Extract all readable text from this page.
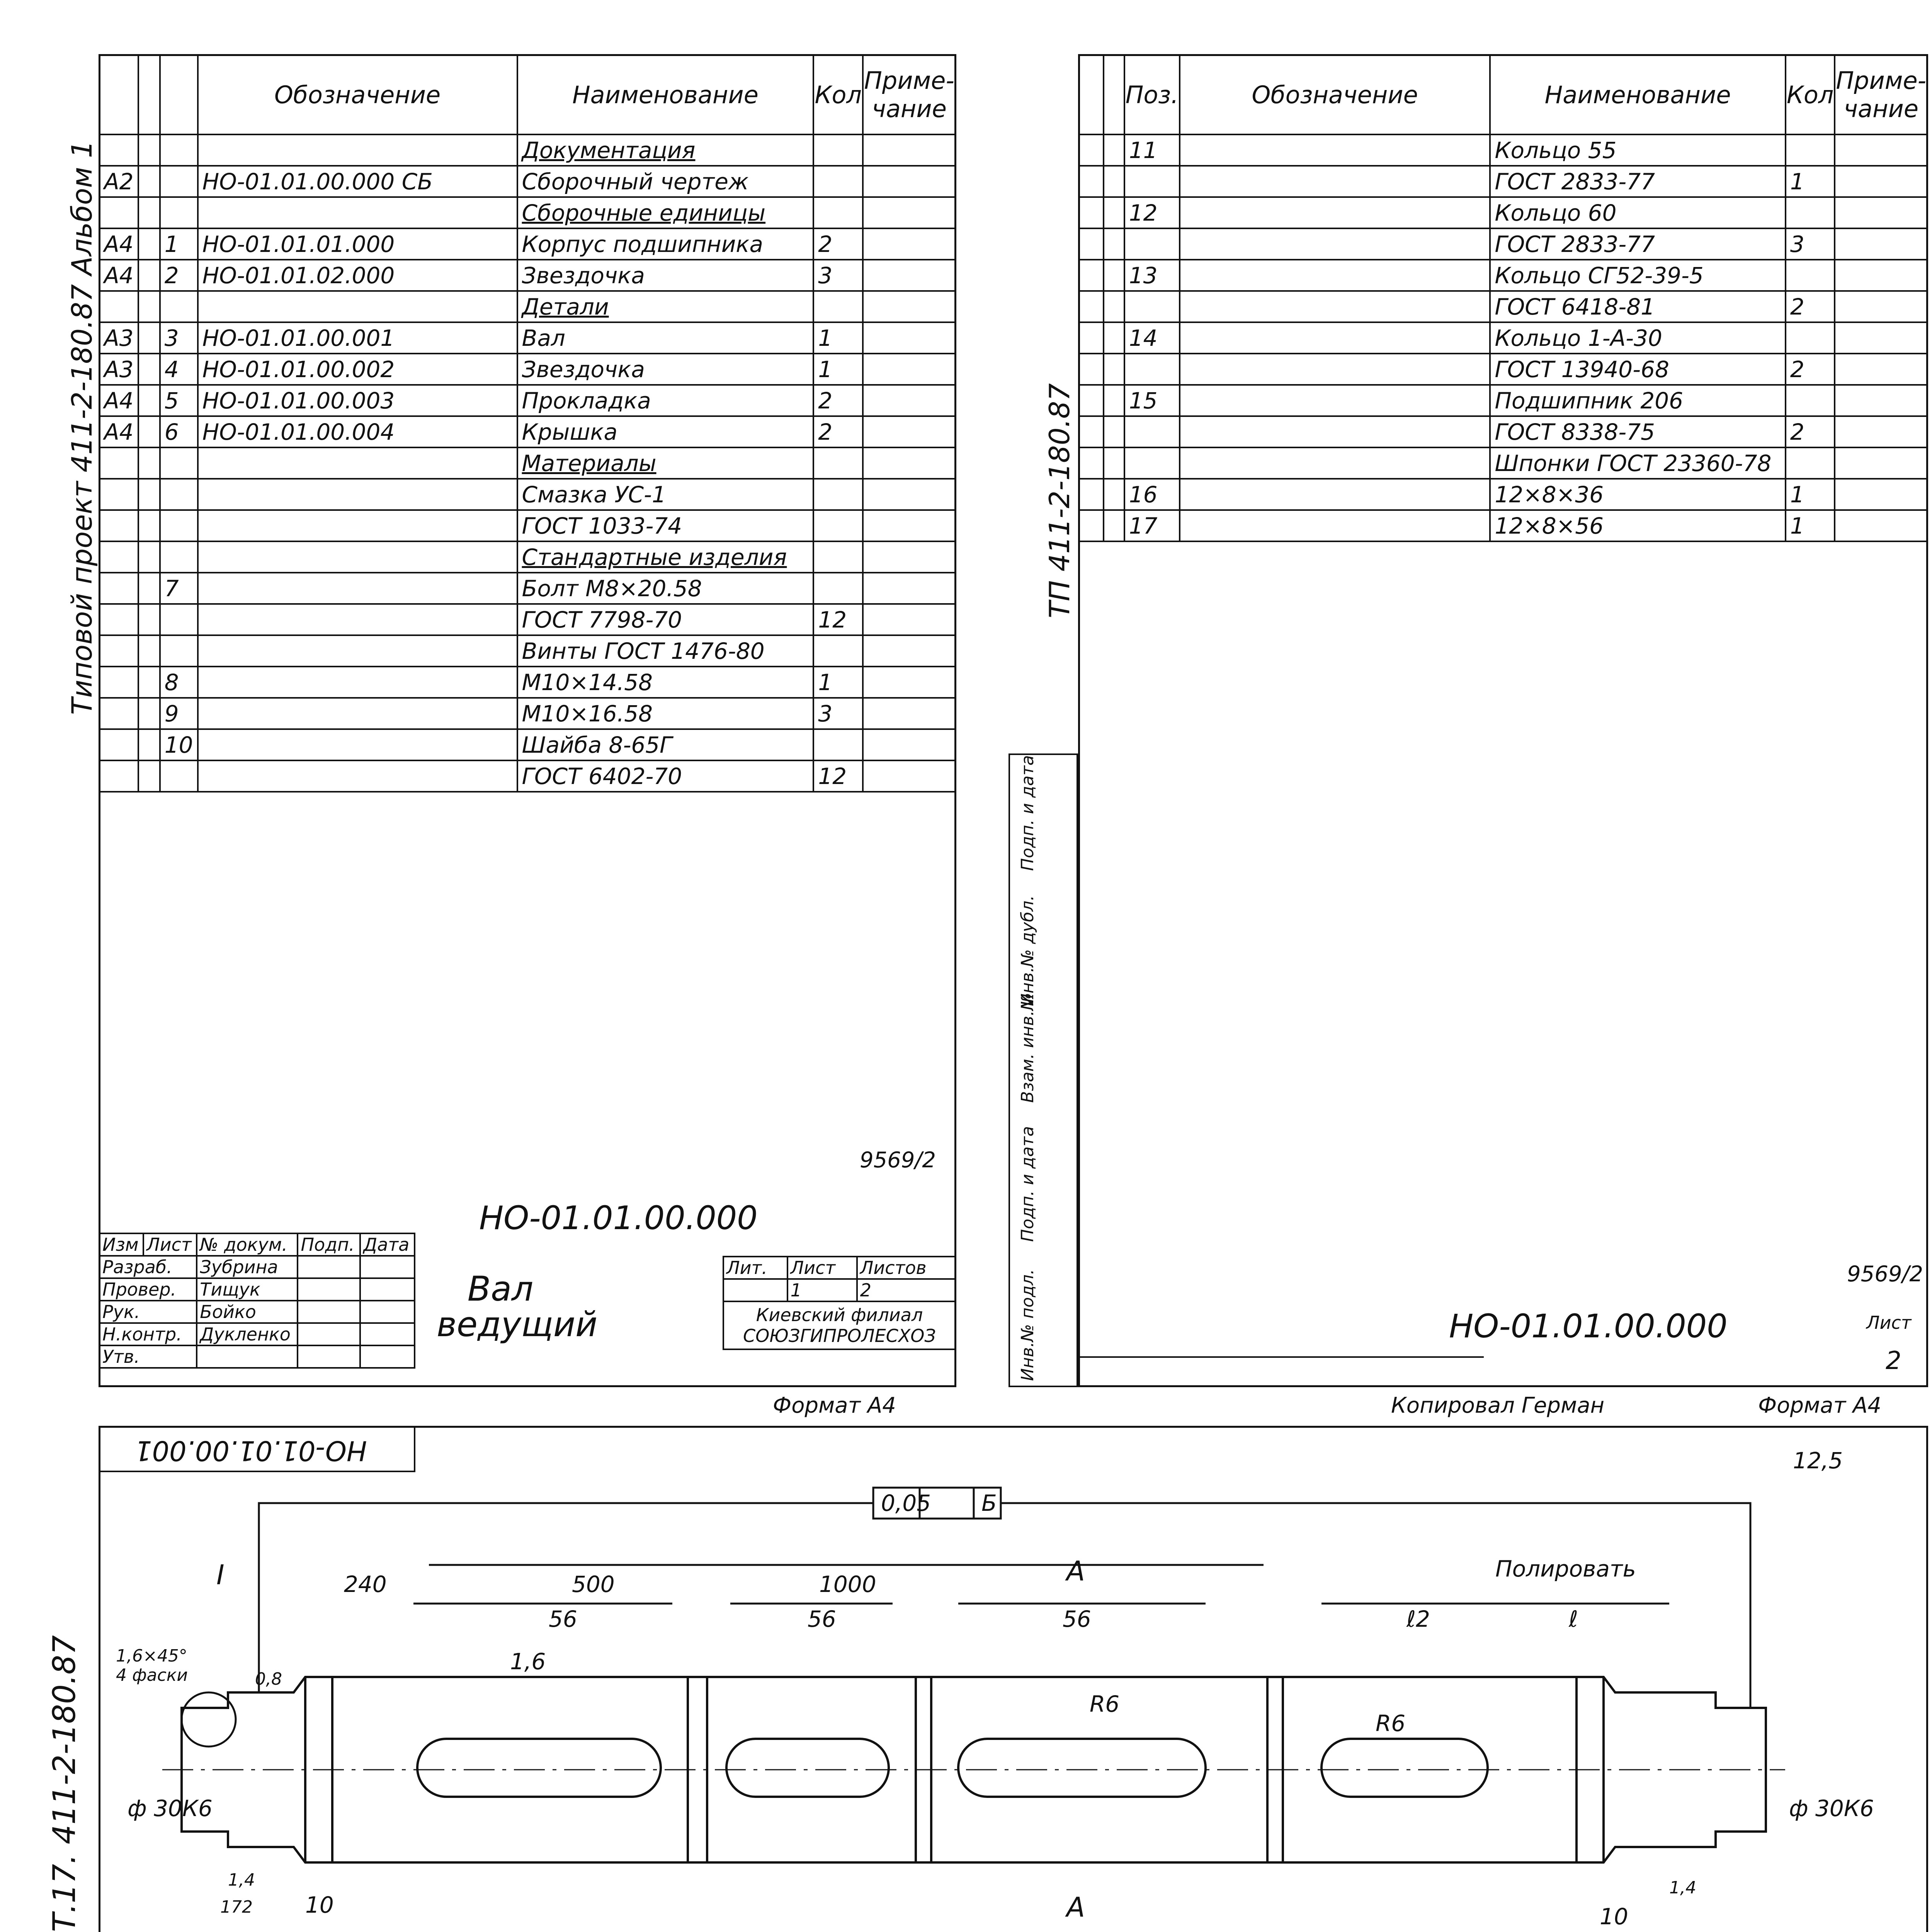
Типовой проект 411-2-180.87 Альбом 1
			Обозначение	Наименование	Кол	Приме-чание
				Документация		
А2			НО-01.01.00.000 СБ	Сборочный чертеж		
				Сборочные единицы		
А4		1	НО-01.01.01.000	Корпус подшипника	2	
А4		2	НО-01.01.02.000	Звездочка	3	
				Детали		
А3		3	НО-01.01.00.001	Вал	1	
А3		4	НО-01.01.00.002	Звездочка	1	
А4		5	НО-01.01.00.003	Прокладка	2	
А4		6	НО-01.01.00.004	Крышка	2	
				Материалы		
				Смазка УС-1		
				ГОСТ 1033-74		
				Стандартные изделия		
		7		Болт М8×20.58		
				ГОСТ 7798-70	12	
				Винты ГОСТ 1476-80		
		8		М10×14.58	1	
		9		М10×16.58	3	
		10		Шайба 8-65Г		
				ГОСТ 6402-70	12	
9569/2
НО-01.01.00.000
Вал ведущий
Изм	Лист	№ докум.	Подп.	Дата
Разраб.		Зубрина		
Провер.		Тищук		
Рук.		Бойко		
Н.контр.		Дукленко		
Утв.				
Лит.	Лист	Листов
	1	2
Киевский филиал СОЮЗГИПРОЛЕСХОЗ		
Формат А4
ТП 411-2-180.87
Инв.№ подл.
Подп. и дата
Взам. инв.№
Инв.№ дубл.
Подп. и дата
		Поз.	Обозначение	Наименование	Кол	Приме-чание
		11		Кольцо 55		
				ГОСТ 2833-77	1	
		12		Кольцо 60		
				ГОСТ 2833-77	3	
		13		Кольцо СГ52-39-5		
				ГОСТ 6418-81	2	
		14		Кольцо 1-А-30		
				ГОСТ 13940-68	2	
		15		Подшипник 206		
				ГОСТ 8338-75	2	
				Шпонки ГОСТ 23360-78		
		16		12×8×36	1	
		17		12×8×56	1	
9569/2
НО-01.01.00.000	Лист
2
Копировал Герман	Формат А4
НО-01.01.00.001
Т.17. 411-2-180.87
0,05 Б
12,5
Полировать
240	500	1000
56	56	56	ℓ2	ℓ
1,6×45°
4 фаски	0,8
1,6
R6
R6
ф 30К6
ф 30К6
1,4	1,4
172 10	10
А
А
I
